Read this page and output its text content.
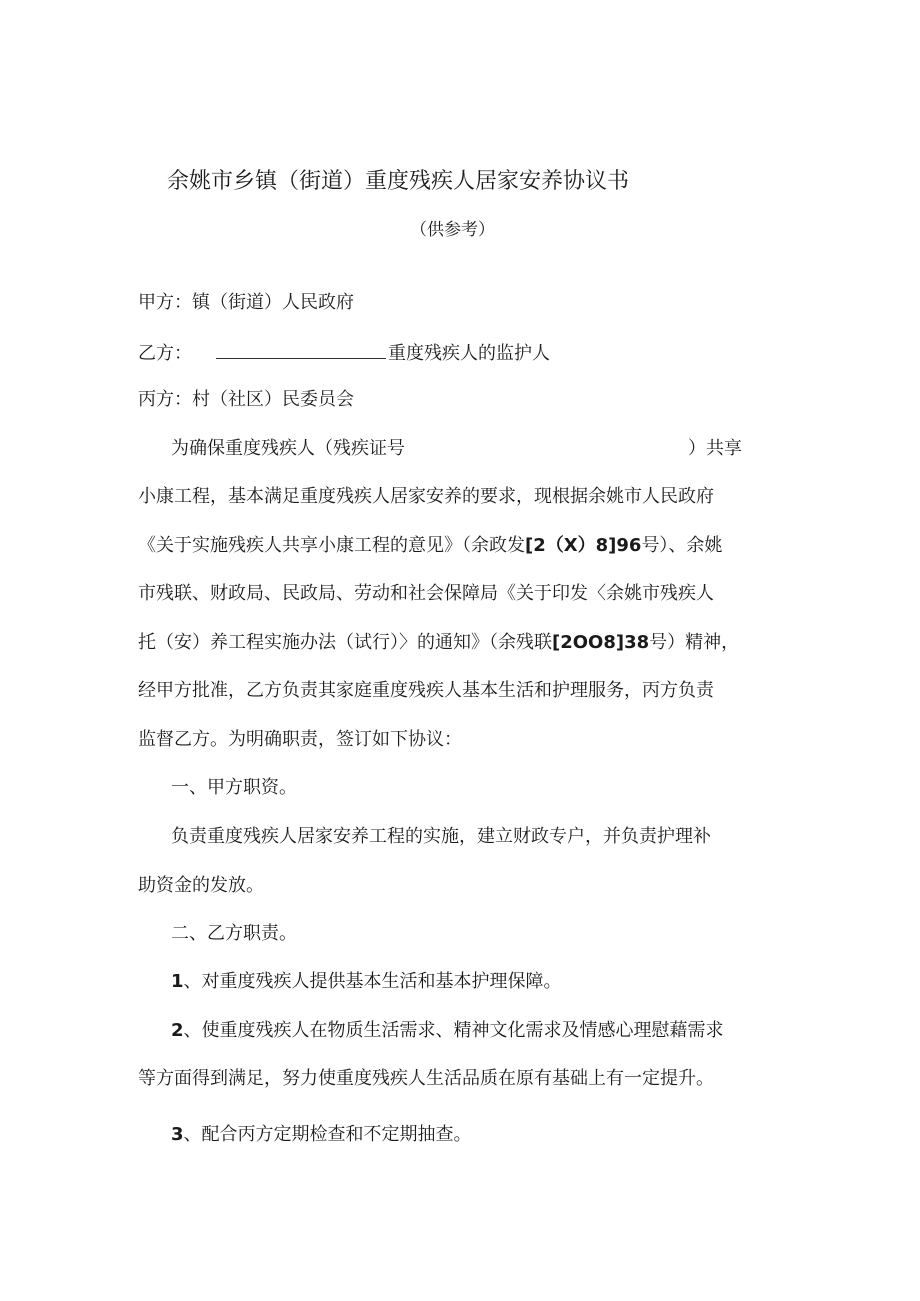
余姚市乡镇（街道）重度残疾人居家安养协议书
（供参考）
甲方：镇（街道）人民政府
乙方：	重度残疾人的监护人
丙方：村（社区）民委员会
为确保重度残疾人（残疾证号	）共享
小康工程，基本满足重度残疾人居家安养的要求，现根据余姚市人民政府
《关于实施残疾人共享小康工程的意见》（余政发[2（X）8]96号）、余姚
市残联、财政局、民政局、劳动和社会保障局《关于印发〈余姚市残疾人
托（安）养工程实施办法（试行）〉的通知》（余残联[2OO8]38号）精神，
经甲方批准，乙方负责其家庭重度残疾人基本生活和护理服务，丙方负责
监督乙方。为明确职责，签订如下协议：
一、甲方职资。
负责重度残疾人居家安养工程的实施，建立财政专户，并负责护理补
助资金的发放。
二、乙方职责。
1、对重度残疾人提供基本生活和基本护理保障。
2、使重度残疾人在物质生活需求、精神文化需求及情感心理慰藉需求
等方面得到满足，努力使重度残疾人生活品质在原有基础上有一定提升。
3、配合丙方定期检查和不定期抽查。
